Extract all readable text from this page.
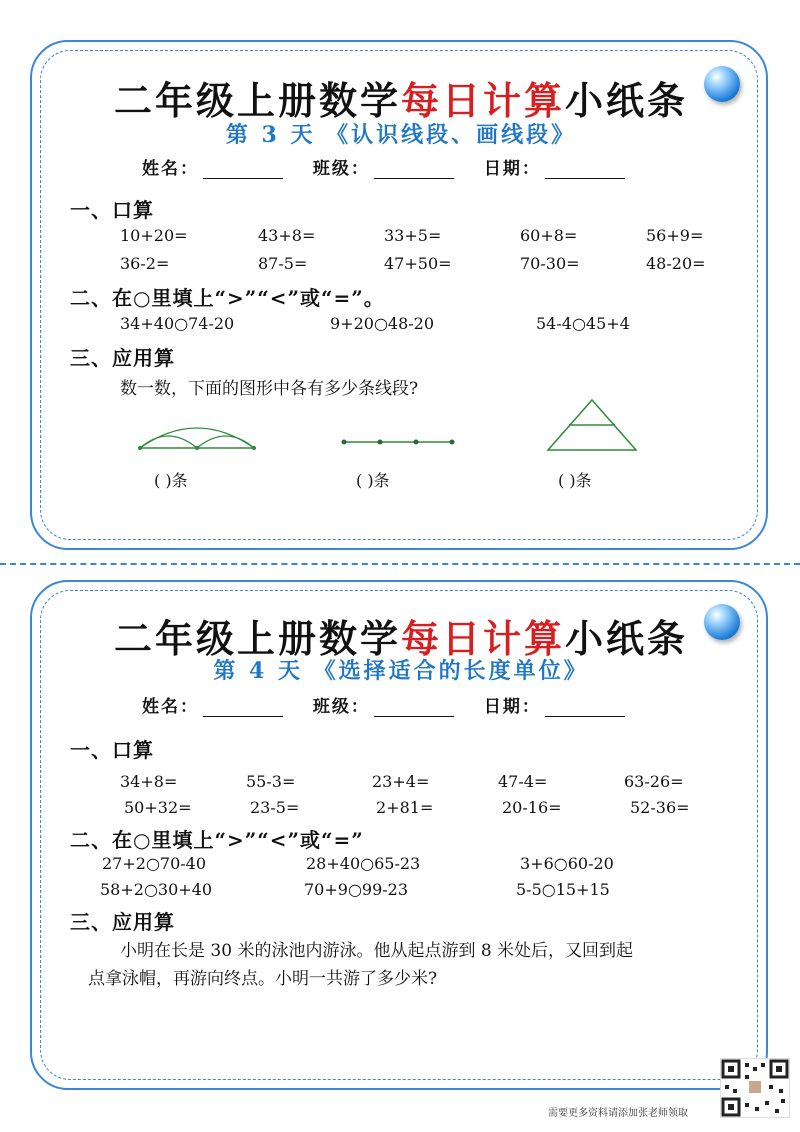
二年级上册数学每日计算小纸条
第 3 天 《认识线段、画线段》
姓名：	班级：	日期：
一、口算
10+20=	43+8=	33+5=	60+8=	56+9=
36-2=	87-5=	47+50=	70-30=	48-20=
二、在○里填上“>”“<”或“=”。
34+40○74-20	9+20○48-20	54-4○45+4
三、应用算
数一数，下面的图形中各有多少条线段?
( )条	( )条	( )条
二年级上册数学每日计算小纸条
第 4 天 《选择适合的长度单位》
姓名：	班级：	日期：
一、口算
34+8=	55-3=	23+4=	47-4=	63-26=
50+32=	23-5=	2+81=	20-16=	52-36=
二、在○里填上“>”“<”或“=”
27+2○70-40	28+40○65-23	3+6○60-20
58+2○30+40	70+9○99-23	5-5○15+15
三、应用算
小明在长是 30 米的泳池内游泳。他从起点游到 8 米处后，又回到起
点拿泳帽，再游向终点。小明一共游了多少米?
需要更多资料请添加张老师领取
